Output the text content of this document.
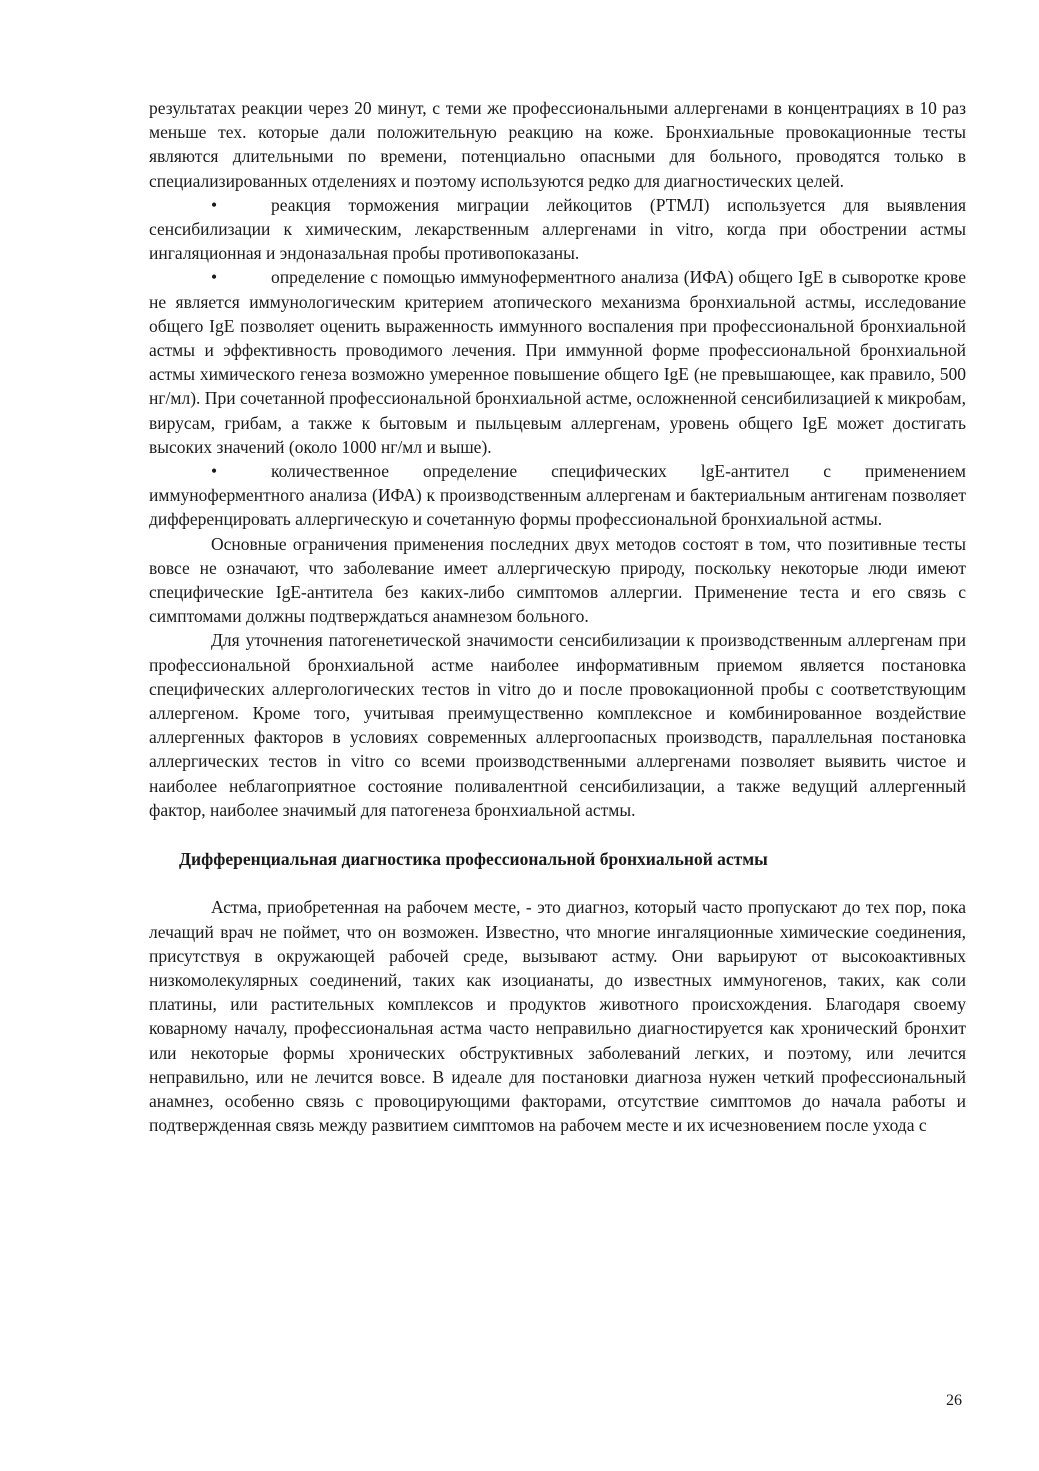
результатах реакции через 20 минут, с теми же профессиональными аллергенами в концентрациях в 10 раз меньше тех. которые дали положительную реакцию на коже. Бронхиальные провокационные тесты являются длительными по времени, потенциально опасными для больного, проводятся только в специализированных отделениях и поэтому используются редко для диагностических целей.

•	реакция торможения миграции лейкоцитов (РТМЛ) используется для выявления сенсибилизации к химическим, лекарственным аллергенами in vitro, когда при обострении астмы ингаляционная и эндоназальная пробы противопоказаны.

•	определение с помощью иммуноферментного анализа (ИФА) общего IgE в сыворотке крове не является иммунологическим критерием атопического механизма бронхиальной астмы, исследование общего IgE позволяет оценить выраженность иммунного воспаления при профессиональной бронхиальной астмы и эффективность проводимого лечения. При иммунной форме профессиональной бронхиальной астмы химического генеза возможно умеренное повышение общего IgE (не превышающее, как правило, 500 нг/мл). При сочетанной профессиональной бронхиальной астме, осложненной сенсибилизацией к микробам, вирусам, грибам, а также к бытовым и пыльцевым аллергенам, уровень общего IgE может достигать высоких значений (около 1000 нг/мл и выше).

•	количественное определение специфических lgE-антител с применением иммуноферментного анализа (ИФА) к производственным аллергенам и бактериальным антигенам позволяет дифференцировать аллергическую и сочетанную формы профессиональной бронхиальной астмы.

Основные ограничения применения последних двух методов состоят в том, что позитивные тесты вовсе не означают, что заболевание имеет аллергическую природу, поскольку некоторые люди имеют специфические IgE-антитела без каких-либо симптомов аллергии. Применение теста и его связь с симптомами должны подтверждаться анамнезом больного.

Для уточнения патогенетической значимости сенсибилизации к производственным аллергенам при профессиональной бронхиальной астме наиболее информативным приемом является постановка специфических аллергологических тестов in vitro до и после провокационной пробы с соответствующим аллергеном. Кроме того, учитывая преимущественно комплексное и комбинированное воздействие аллергенных факторов в условиях современных аллергоопасных производств, параллельная постановка аллергических тестов in vitro со всеми производственными аллергенами позволяет выявить чистое и наиболее неблагоприятное состояние поливалентной сенсибилизации, а также ведущий аллергенный фактор, наиболее значимый для патогенеза бронхиальной астмы.

Дифференциальная диагностика профессиональной бронхиальной астмы

Астма, приобретенная на рабочем месте, - это диагноз, который часто пропускают до тех пор, пока лечащий врач не поймет, что он возможен. Известно, что многие ингаляционные химические соединения, присутствуя в окружающей рабочей среде, вызывают астму. Они варьируют от высокоактивных низкомолекулярных соединений, таких как изоцианаты, до известных иммуногенов, таких, как соли платины, или растительных комплексов и продуктов животного происхождения. Благодаря своему коварному началу, профессиональная астма часто неправильно диагностируется как хронический бронхит или некоторые формы хронических обструктивных заболеваний легких, и поэтому, или лечится неправильно, или не лечится вовсе. В идеале для постановки диагноза нужен четкий профессиональный анамнез, особенно связь с провоцирующими факторами, отсутствие симптомов до начала работы и подтвержденная связь между развитием симптомов на рабочем месте и их исчезновением после ухода с

26
